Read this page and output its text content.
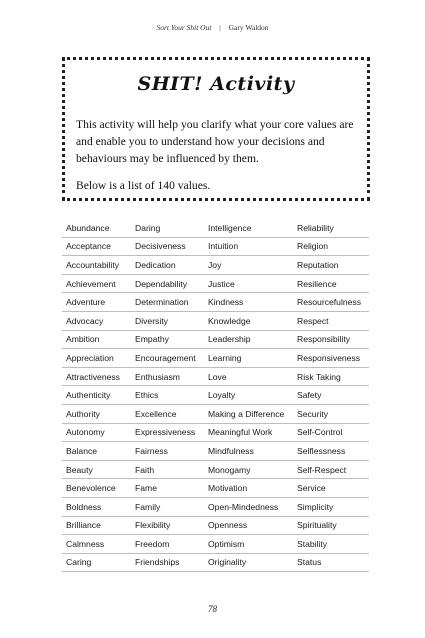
Sort Your Shit Out | Gary Waldon
SHIT! Activity

This activity will help you clarify what your core values are and enable you to understand how your decisions and behaviours may be influenced by them.

Below is a list of 140 values.

Abundance	Daring	Intelligence	Reliability
Acceptance	Decisiveness	Intuition	Religion
Accountability	Dedication	Joy	Reputation
Achievement	Dependability	Justice	Resilience
Adventure	Determination	Kindness	Resourcefulness
Advocacy	Diversity	Knowledge	Respect
Ambition	Empathy	Leadership	Responsibility
Appreciation	Encouragement	Learning	Responsiveness
Attractiveness	Enthusiasm	Love	Risk Taking
Authenticity	Ethics	Loyalty	Safety
Authority	Excellence	Making a Difference	Security
Autonomy	Expressiveness	Meaningful Work	Self-Control
Balance	Fairness	Mindfulness	Selflessness
Beauty	Faith	Monogamy	Self-Respect
Benevolence	Fame	Motivation	Service
Boldness	Family	Open-Mindedness	Simplicity
Brilliance	Flexibility	Openness	Spirituality
Calmness	Freedom	Optimism	Stability
Caring	Friendships	Originality	Status
78
